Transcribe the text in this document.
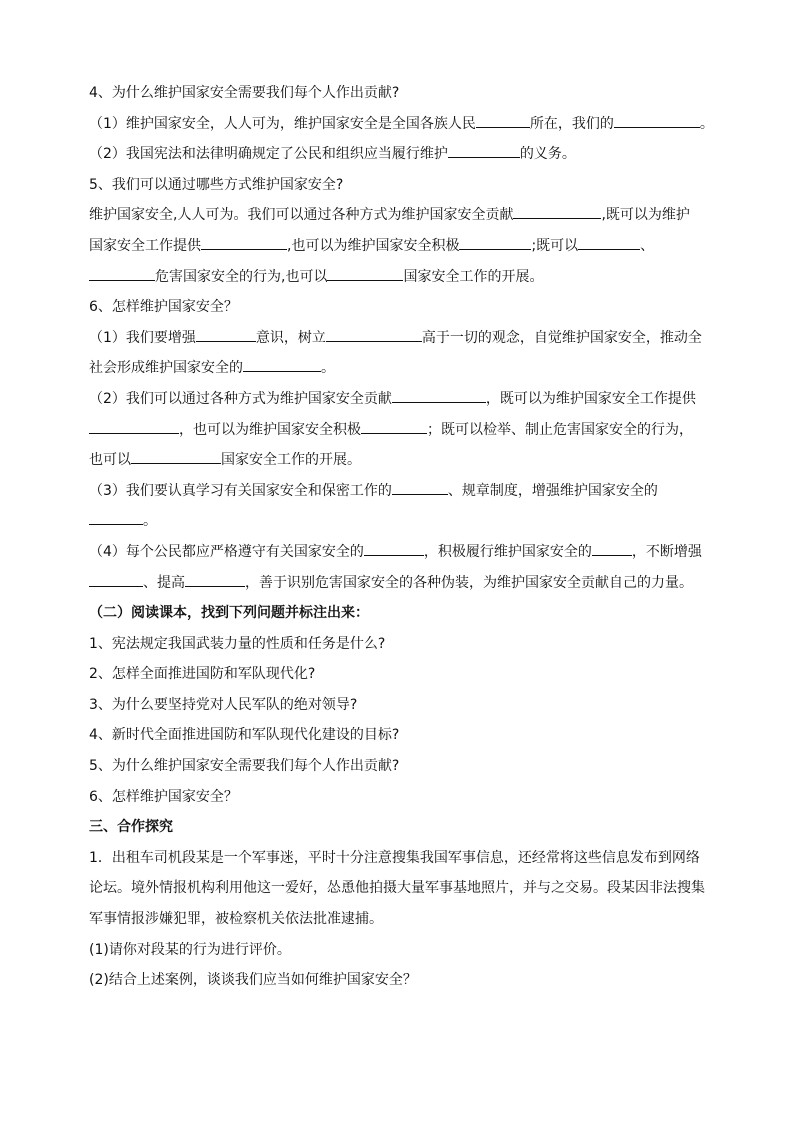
4、为什么维护国家安全需要我们每个人作出贡献?

（1）维护国家安全，人人可为，维护国家安全是全国各族人民	所在，我们的	。

（2）我国宪法和法律明确规定了公民和组织应当履行维护	的义务。

5、我们可以通过哪些方式维护国家安全?

维护国家安全,人人可为。我们可以通过各种方式为维护国家安全贡献	,既可以为维护

国家安全工作提供	,也可以为维护国家安全积极	;既可以	、

危害国家安全的行为,也可以	国家安全工作的开展。

6、怎样维护国家安全？

（1）我们要增强	意识，树立	高于一切的观念，自觉维护国家安全，推动全

社会形成维护国家安全的	。

（2）我们可以通过各种方式为维护国家安全贡献	，既可以为维护国家安全工作提供

，也可以为维护国家安全积极	；既可以检举、制止危害国家安全的行为，

也可以	国家安全工作的开展。

（3）我们要认真学习有关国家安全和保密工作的	、规章制度，增强维护国家安全的

。

（4）每个公民都应严格遵守有关国家安全的	，积极履行维护国家安全的	，不断增强

、提高	，善于识别危害国家安全的各种伪装，为维护国家安全贡献自己的力量。

（二）阅读课本，找到下列问题并标注出来：

1、宪法规定我国武装力量的性质和任务是什么?

2、怎样全面推进国防和军队现代化?

3、为什么要坚持党对人民军队的绝对领导?

4、新时代全面推进国防和军队现代化建设的目标?

5、为什么维护国家安全需要我们每个人作出贡献?

6、怎样维护国家安全？

三、合作探究

1．出租车司机段某是一个军事迷，平时十分注意搜集我国军事信息，还经常将这些信息发布到网络

论坛。境外情报机构利用他这一爱好，怂恿他拍摄大量军事基地照片，并与之交易。段某因非法搜集

军事情报涉嫌犯罪，被检察机关依法批准逮捕。

(1)请你对段某的行为进行评价。

(2)结合上述案例，谈谈我们应当如何维护国家安全？
